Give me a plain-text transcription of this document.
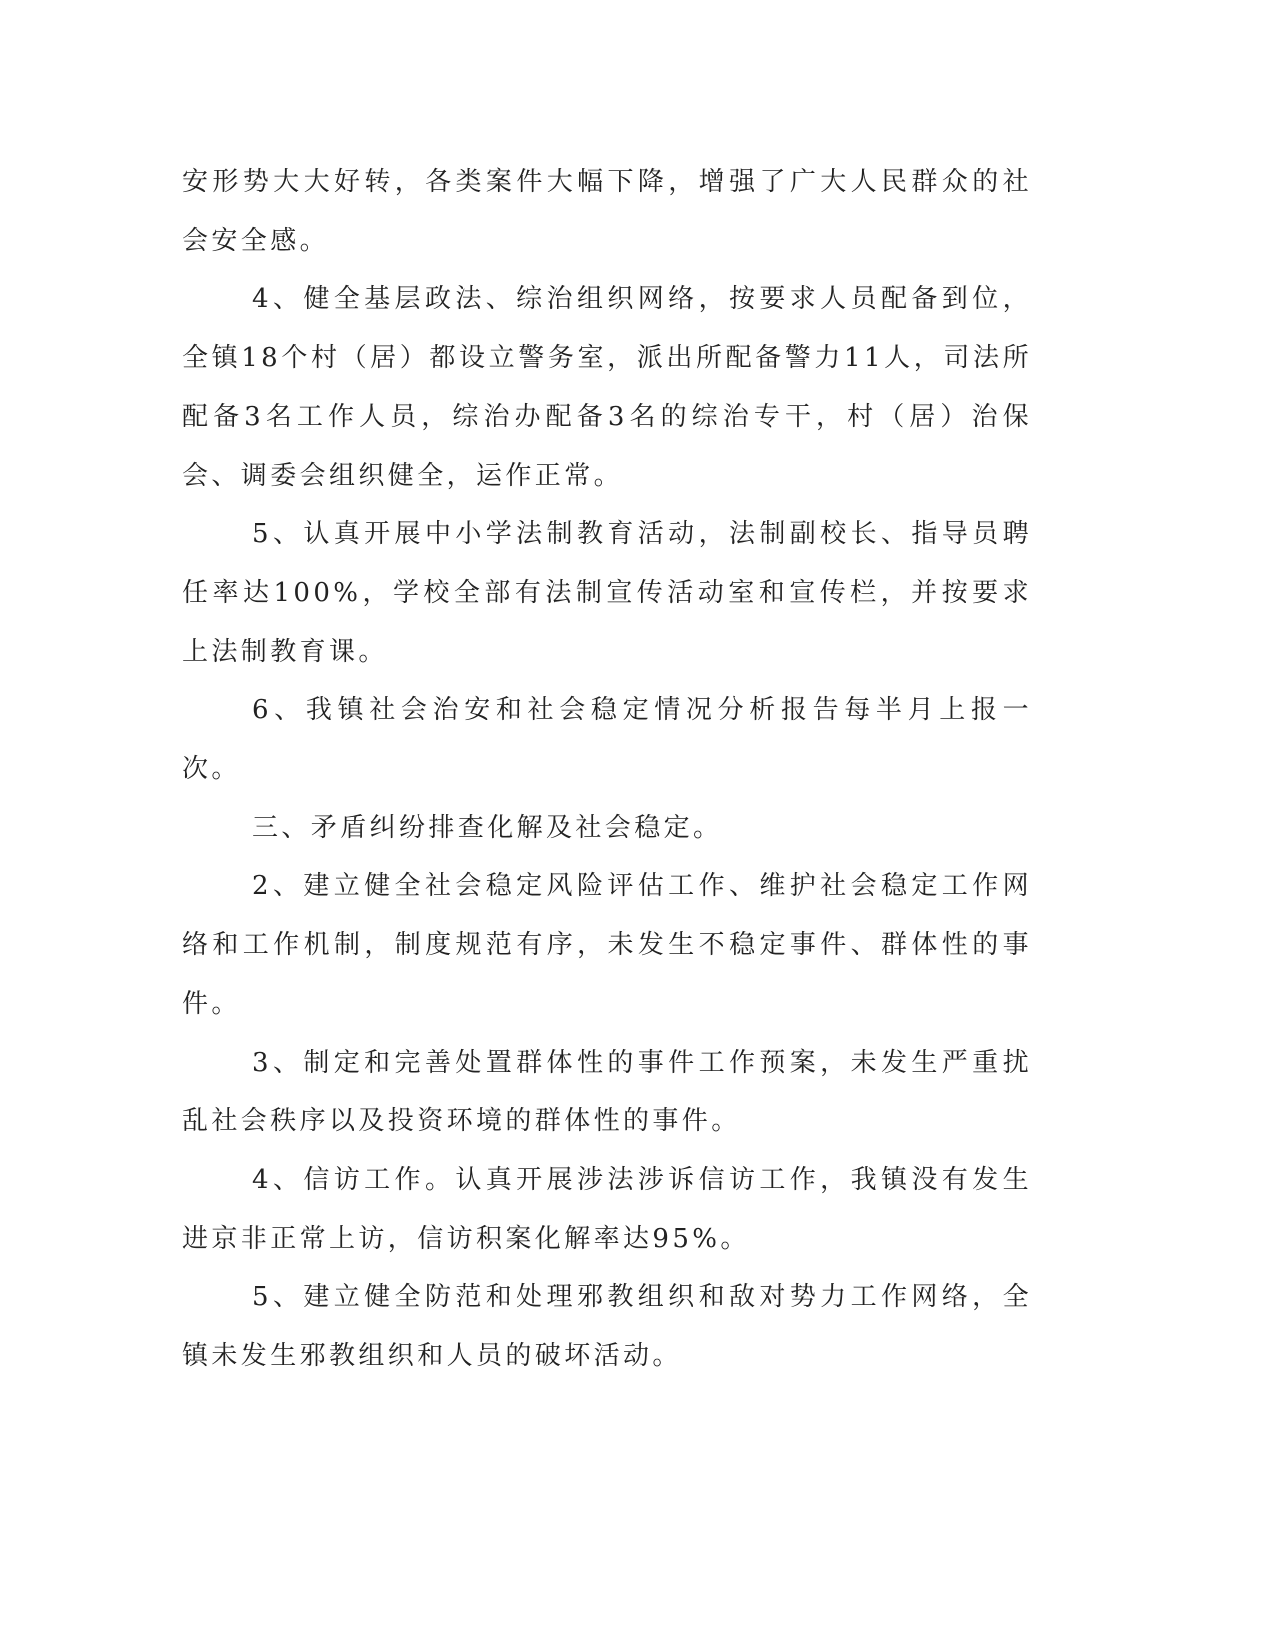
安形势大大好转，各类案件大幅下降，增强了广大人民群众的社会安全感。

4、健全基层政法、综治组织网络，按要求人员配备到位，全镇18个村（居）都设立警务室，派出所配备警力11人，司法所配备3名工作人员，综治办配备3名的综治专干，村（居）治保会、调委会组织健全，运作正常。

5、认真开展中小学法制教育活动，法制副校长、指导员聘任率达100%，学校全部有法制宣传活动室和宣传栏，并按要求上法制教育课。

6、我镇社会治安和社会稳定情况分析报告每半月上报一次。

三、矛盾纠纷排查化解及社会稳定。

2、建立健全社会稳定风险评估工作、维护社会稳定工作网络和工作机制，制度规范有序，未发生不稳定事件、群体性的事件。

3、制定和完善处置群体性的事件工作预案，未发生严重扰乱社会秩序以及投资环境的群体性的事件。

4、信访工作。认真开展涉法涉诉信访工作，我镇没有发生进京非正常上访，信访积案化解率达95%。

5、建立健全防范和处理邪教组织和敌对势力工作网络，全镇未发生邪教组织和人员的破坏活动。
